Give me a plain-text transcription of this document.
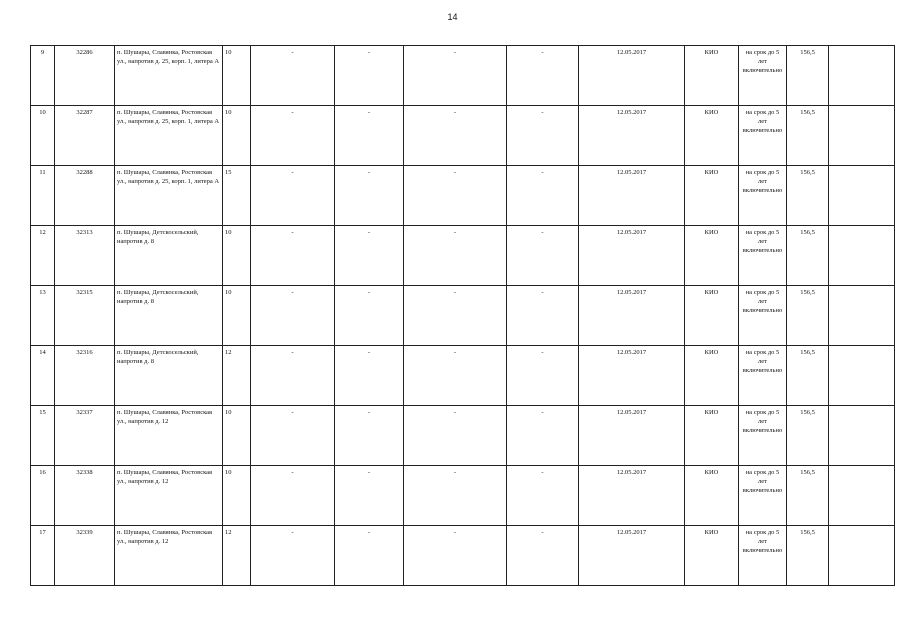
14
9	32286	п. Шушары, Славянка, Ростовская ул., напротив д. 25, корп. 1, литера А	10	-	-	-	-	12.05.2017	КИО	на срок до 5 лет включительно	156,5	
10	32287	п. Шушары, Славянка, Ростовская ул., напротив д. 25, корп. 1, литера А	10	-	-	-	-	12.05.2017	КИО	на срок до 5 лет включительно	156,5	
11	32288	п. Шушары, Славянка, Ростовская ул., напротив д. 25, корп. 1, литера А	15	-	-	-	-	12.05.2017	КИО	на срок до 5 лет включительно	156,5	
12	32313	п. Шушары, Детскосельский, напротив д. 8	10	-	-	-	-	12.05.2017	КИО	на срок до 5 лет включительно	156,5	
13	32315	п. Шушары, Детскосельский, напротив д. 8	10	-	-	-	-	12.05.2017	КИО	на срок до 5 лет включительно	156,5	
14	32316	п. Шушары, Детскосельский, напротив д. 8	12	-	-	-	-	12.05.2017	КИО	на срок до 5 лет включительно	156,5	
15	32337	п. Шушары, Славянка, Ростовская ул., напротив д. 12	10	-	-	-	-	12.05.2017	КИО	на срок до 5 лет включительно	156,5	
16	32338	п. Шушары, Славянка, Ростовская ул., напротив д. 12	10	-	-	-	-	12.05.2017	КИО	на срок до 5 лет включительно	156,5	
17	32339	п. Шушары, Славянка, Ростовская ул., напротив д. 12	12	-	-	-	-	12.05.2017	КИО	на срок до 5 лет включительно	156,5	
